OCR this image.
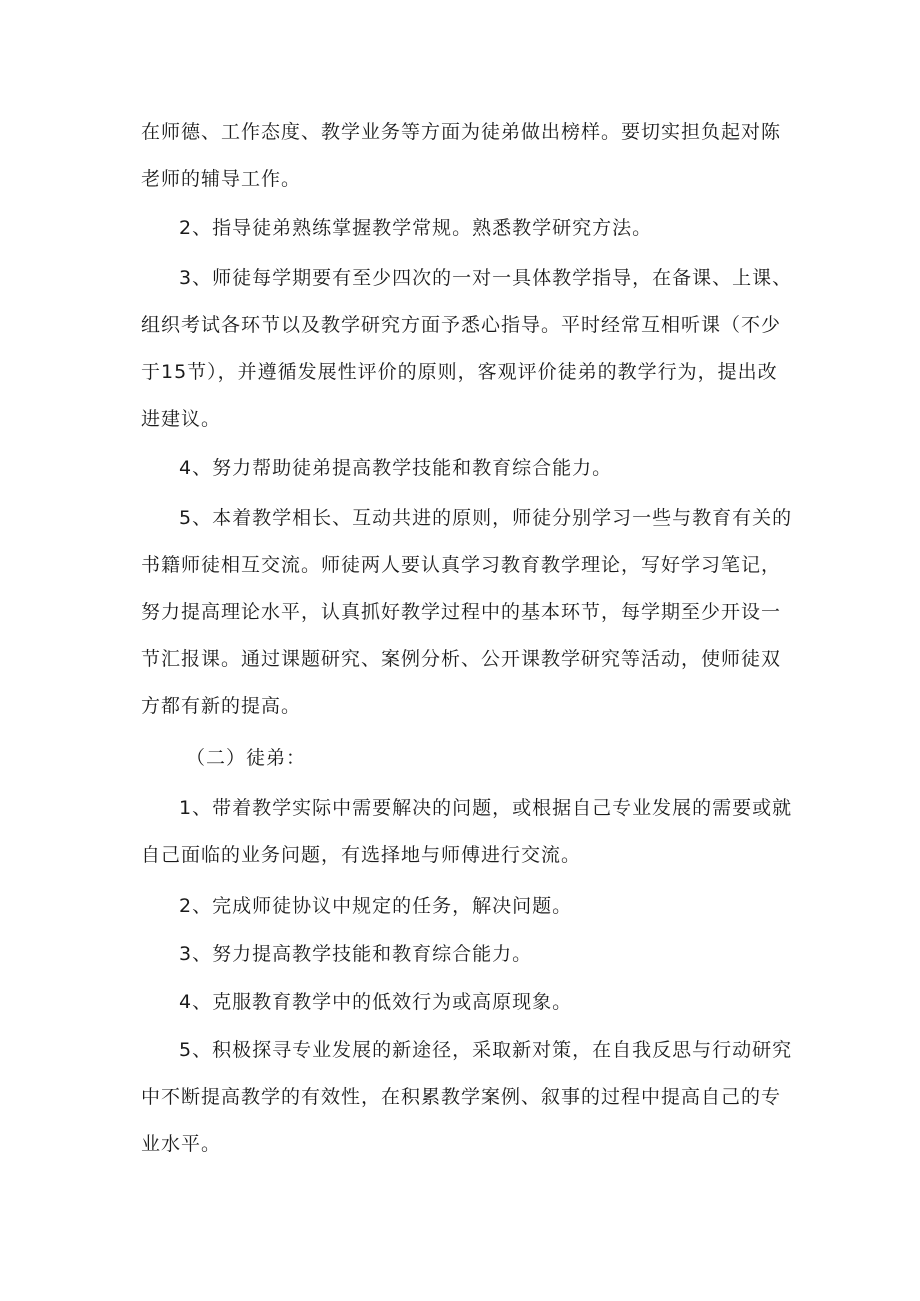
在师德、工作态度、教学业务等方面为徒弟做出榜样。要切实担负起对陈
老师的辅导工作。

2、指导徒弟熟练掌握教学常规。熟悉教学研究方法。

3、师徒每学期要有至少四次的一对一具体教学指导，在备课、上课、
组织考试各环节以及教学研究方面予悉心指导。平时经常互相听课（不少
于15节），并遵循发展性评价的原则，客观评价徒弟的教学行为，提出改
进建议。

4、努力帮助徒弟提高教学技能和教育综合能力。

5、本着教学相长、互动共进的原则，师徒分别学习一些与教育有关的
书籍师徒相互交流。师徒两人要认真学习教育教学理论，写好学习笔记，
努力提高理论水平，认真抓好教学过程中的基本环节，每学期至少开设一
节汇报课。通过课题研究、案例分析、公开课教学研究等活动，使师徒双
方都有新的提高。

（二）徒弟：

1、带着教学实际中需要解决的问题，或根据自己专业发展的需要或就
自己面临的业务问题，有选择地与师傅进行交流。

2、完成师徒协议中规定的任务，解决问题。

3、努力提高教学技能和教育综合能力。

4、克服教育教学中的低效行为或高原现象。

5、积极探寻专业发展的新途径，采取新对策，在自我反思与行动研究
中不断提高教学的有效性，在积累教学案例、叙事的过程中提高自己的专
业水平。
